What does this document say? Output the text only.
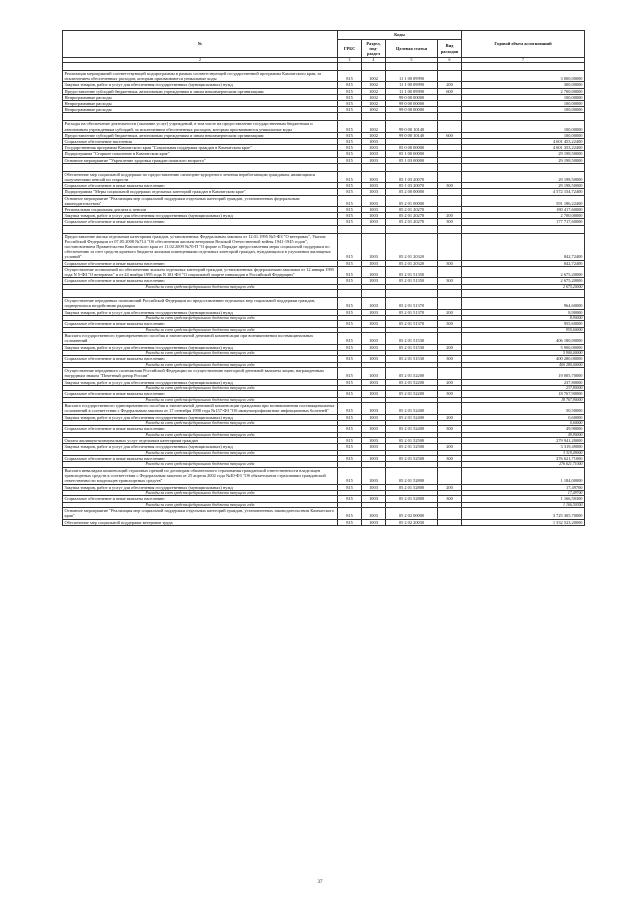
№	Коды				Годовой объем ассигнований
	ГРБС	Раздел, под-раздел	Целевая статья	Вид расходов	
2	3	4	5	6	7

Реализация мероприятий соответствующей подпрограммы в рамках соответствующей государственной программы Камчатского края, за исключением обеспеченных расходов, которым присваиваются уникальные коды	815	1002	11 1 00 09990		3 000,00000
Закупка товаров, работ и услуг для обеспечения государственных (муниципальных) нужд	815	1002	11 1 00 09990	200	300,00000
Предоставление субсидий бюджетным, автономным учреждениям и иным некоммерческим организациям	815	1002	11 1 00 09990	600	2 700,00000
Непрограммные расходы	815	1002	99 0 00 00000		100,00000
Непрограммные расходы	815	1002	99 0 00 00000		100,00000
Непрограммные расходы	815	1002	99 0 00 00000		100,00000

Расходы на обеспечение деятельности (оказание услуг) учреждений, в том числе на предоставление государственным бюджетным и автономным учреждениям субсидий, за исключением обеспеченных расходов, которым присваиваются уникальные коды	815	1002	99 0 00 10140		100,00000
Предоставление субсидий бюджетным, автономным учреждениям и иным некоммерческим организациям	815	1002	99 0 00 10140	600	100,00000
Социальное обеспечение населения	815	1003			4 601 453,22400
Государственная программа Камчатского края "Социальная поддержка граждан в Камчатском крае"	815	1003	05 0 00 00000		4 601 353,22400
Подпрограмма "Старшее поколение в Камчатском крае"	815	1003	05 1 00 00000		29 198,50000
Основное мероприятие "Укрепление здоровья граждан пожилого возраста"	815	1003	05 1 03 00000		29 198,50000

Обеспечение мер социальной поддержки по предоставлению санаторно-курортного лечения неработающим гражданам, являющимся получателями пенсий по старости	815	1003	05 1 03 20070		29 198,50000
Социальное обеспечение и иные выплаты населению	815	1003	05 1 03 20070	300	29 198,50000
Подпрограмма "Меры социальной поддержки отдельных категорий граждан в Камчатском крае"	815	1003	05 2 00 00000		4 572 154,72400
Основное мероприятие "Реализация мер социальной поддержки отдельных категорий граждан, установленных федеральным законодательством"	815	1003	05 2 01 00000		591 186,22400
Региональная социальная доплата к пенсии	815	1003	05 2 01 20270		180 417,60000
Закупка товаров, работ и услуг для обеспечения государственных (муниципальных) нужд	815	1003	05 2 01 20270	200	2 700,00000
Социальное обеспечение и иные выплаты населению	815	1003	05 2 01 20270	300	177 717,60000

Предоставление жилья отдельным категориям граждан, установленных Федеральным законом от 12.01.1995 №5-ФЗ "О ветеранах", Указом Российской Федерации от 07.05.2008 №714 "Об обеспечении жильем ветеранов Великой Отечественной войны 1941-1945 годов", постановлением Правительства Камчатского края от 11.02.2009 №70-П "О форме и Порядке предоставления меры социальной поддержки по обеспечению за счет средств краевого бюджета жилыми помещениями отдельных категорий граждан, нуждающихся в улучшении жилищных условий"	815	1003	05 2 01 20320		842,72400
Социальное обеспечение и иные выплаты населению	815	1003	05 2 01 20320	300	842,72400
Осуществление полномочий по обеспечению жильем отдельных категорий граждан, установленных федеральными законами от 12 января 1995 года N 5-ФЗ "О ветеранах" и от 24 ноября 1995 года N 181-ФЗ "О социальной защите инвалидов в Российской Федерации"	815	1003	05 2 01 51350		2 675,20000
Социальное обеспечение и иные выплаты населению	815	1003	05 2 01 51350	300	2 675,20000
Расходы за счет средств федерального бюджета текущего года					2 675,20000

Осуществление переданных полномочий Российской Федерации по предоставлению отдельных мер социальной поддержки граждан, подвергшихся воздействию радиации	815	1003	05 2 01 51370		964,60000
Закупка товаров, работ и услуг для обеспечения государственных (муниципальных) нужд	815	1003	05 2 01 51370	200	8,90000
Расходы за счет средств федерального бюджета текущего года					8,90000
Социальное обеспечение и иные выплаты населению	815	1003	05 2 01 51370	300	955,60000
Расходы за счет средств федерального бюджета текущего года					955,60000
Выплата государственного единовременного пособия и ежемесячной денежной компенсации при возникновении поствакцинальных осложнений	815	1003	05 2 01 51530		406 180,00000
Закупка товаров, работ и услуг для обеспечения государственных (муниципальных) нужд	815	1003	05 2 01 51530	200	5 900,00000
Расходы за счет средств федерального бюджета текущего года					5 900,00000
Социальное обеспечение и иные выплаты населению	815	1003	05 2 01 51530	300	400 280,00000
Расходы за счет средств федерального бюджета текущего года					400 280,00000
Осуществление переданного полномочия Российской Федерации по осуществлению ежегодной денежной выплаты лицам, награжденным нагрудным знаком "Почетный донор России"	815	1003	05 2 01 52200		19 005,70000
Закупка товаров, работ и услуг для обеспечения государственных (муниципальных) нужд	815	1003	05 2 01 52200	200	237,80000
Расходы за счет средств федерального бюджета текущего года					237,80000
Социальное обеспечение и иные выплаты населению	815	1003	05 2 01 52200	300	18 767,90000
Расходы за счет средств федерального бюджета текущего года					18 767,90000
Выплата государственного единовременного пособия и ежемесячной денежной компенсации гражданам при возникновении поствакцинальных осложнений в соответствии с Федеральным законом от 17 сентября 1998 года №157-ФЗ "Об иммунопрофилактике инфекционных болезней"	815	1003	05 2 01 52400		50,50000
Закупка товаров, работ и услуг для обеспечения государственных (муниципальных) нужд	815	1003	05 2 01 52400	200	0,60000
Расходы за счет средств федерального бюджета текущего года					0,60000
Социальное обеспечение и иные выплаты населению	815	1003	05 2 01 52400	300	49,90000
Расходы за счет средств федерального бюджета текущего года					49,90000
Оплата жилищно-коммунальных услуг отдельным категориям граждан	815	1003	05 2 01 52500		279 941,20000
Закупка товаров, работ и услуг для обеспечения государственных (муниципальных) нужд	815	1003	05 2 01 52500	200	3 319,49000
Расходы за счет средств федерального бюджета текущего года					3 319,49000
Социальное обеспечение и иные выплаты населению	815	1003	05 2 01 52500	300	276 621,71000
Расходы за счет средств федерального бюджета текущего года					276 621,71000
Выплата инвалидам компенсаций страховых премий по договорам обязательного страхования гражданской ответственности владельцев транспортных средств в соответствии с Федеральным законом от 25 апреля 2002 года №40-ФЗ "Об обязательном страховании гражданской ответственности владельцев транспортных средств"	815	1003	05 2 01 52800		1 184,00000
Закупка товаров, работ и услуг для обеспечения государственных (муниципальных) нужд	815	1003	05 2 01 52800	200	17,49700
Расходы за счет средств федерального бюджета текущего года					17,49700
Социальное обеспечение и иные выплаты населению	815	1003	05 2 01 52800	300	1 166,50300
Расходы за счет средств федерального бюджета текущего года					1 166,50300
Основное мероприятие "Реализация мер социальной поддержки отдельных категорий граждан, установленных законодательством Камчатского края"	815	1003	05 2 02 00000		3 725 305,70000
Обеспечение мер социальной поддержки ветеранов труда	815	1003	05 2 02 20030		1 332 523,20000
37
